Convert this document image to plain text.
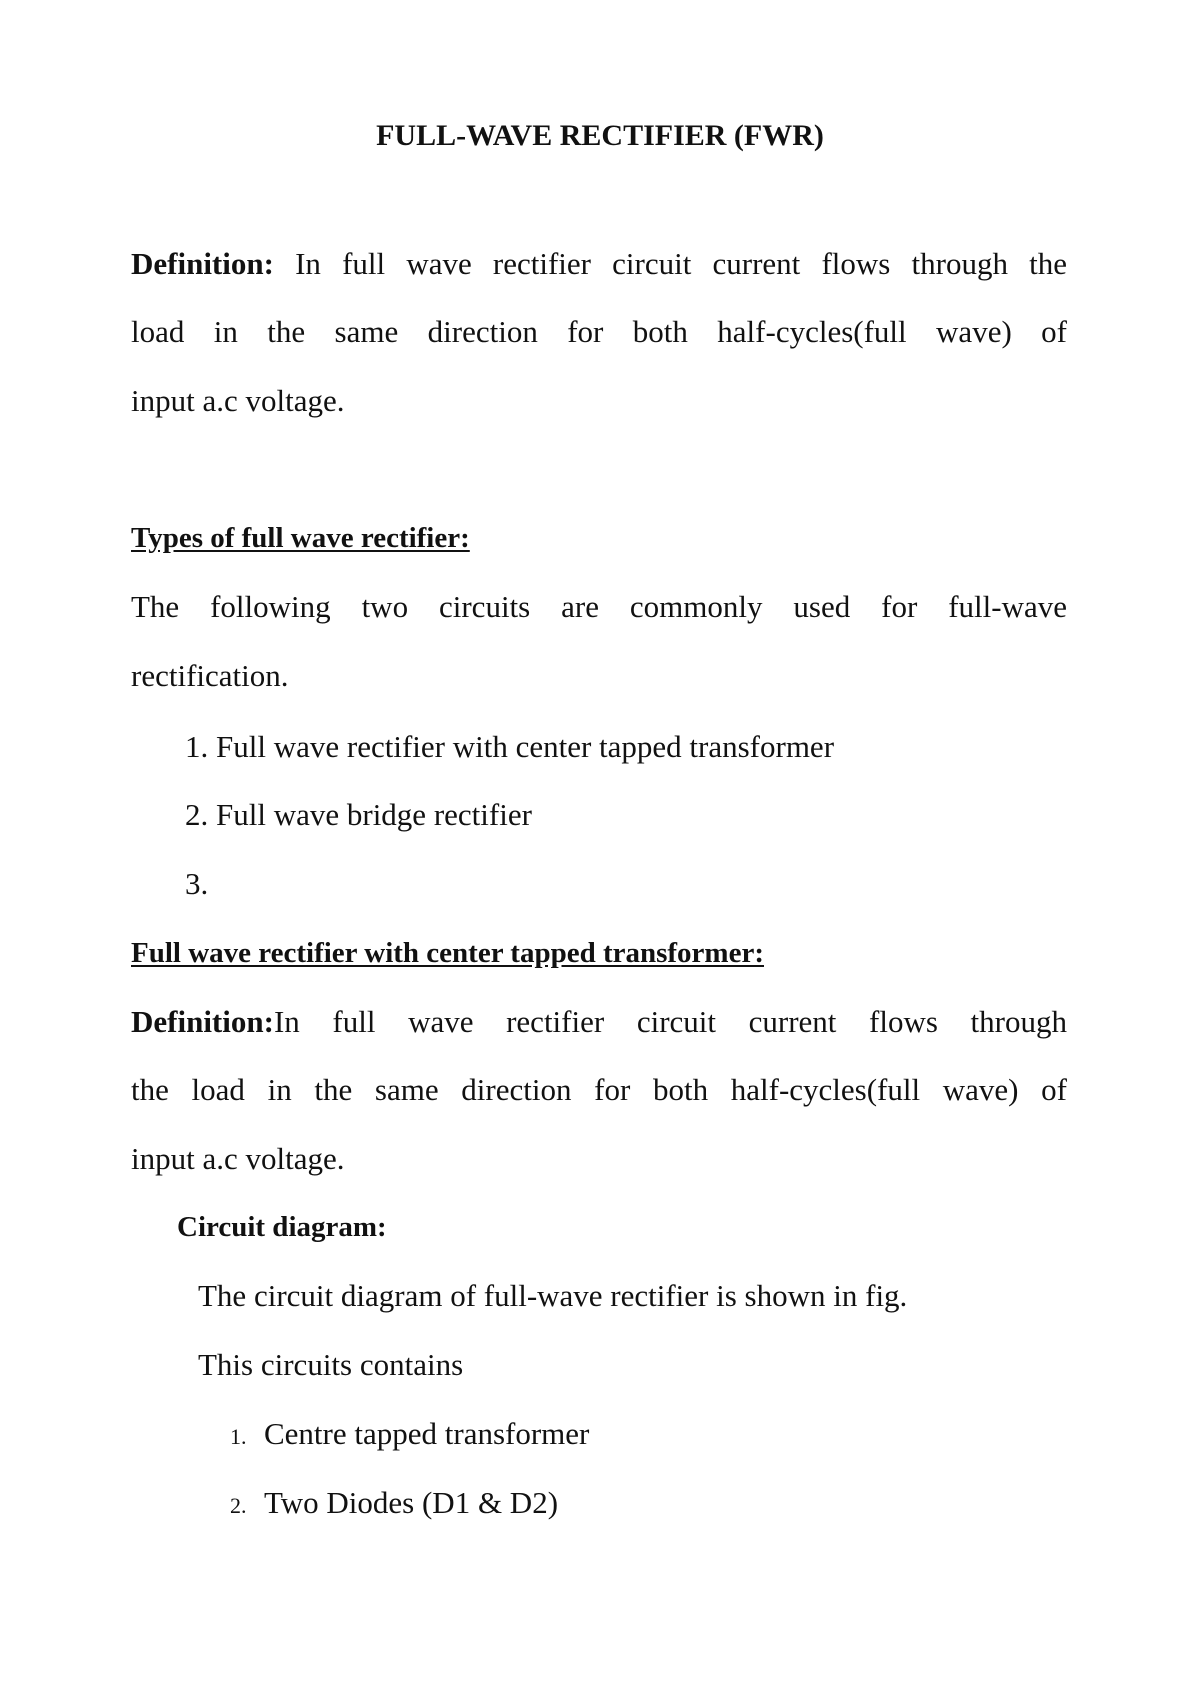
FULL-WAVE RECTIFIER (FWR)
Definition: In full wave rectifier circuit current flows through the
load in the same direction for both half-cycles(full wave) of
input a.c voltage.
Types of full wave rectifier:
The following two circuits are commonly used for full-wave
rectification.
1. Full wave rectifier with center tapped transformer
2. Full wave bridge rectifier
3.
Full wave rectifier with center tapped transformer:
Definition:In full wave rectifier circuit current flows through
the load in the same direction for both half-cycles(full wave) of
input a.c voltage.
Circuit diagram:
The circuit diagram of full-wave rectifier is shown in fig.
This circuits contains
1. Centre tapped transformer
2. Two Diodes (D1 & D2)
